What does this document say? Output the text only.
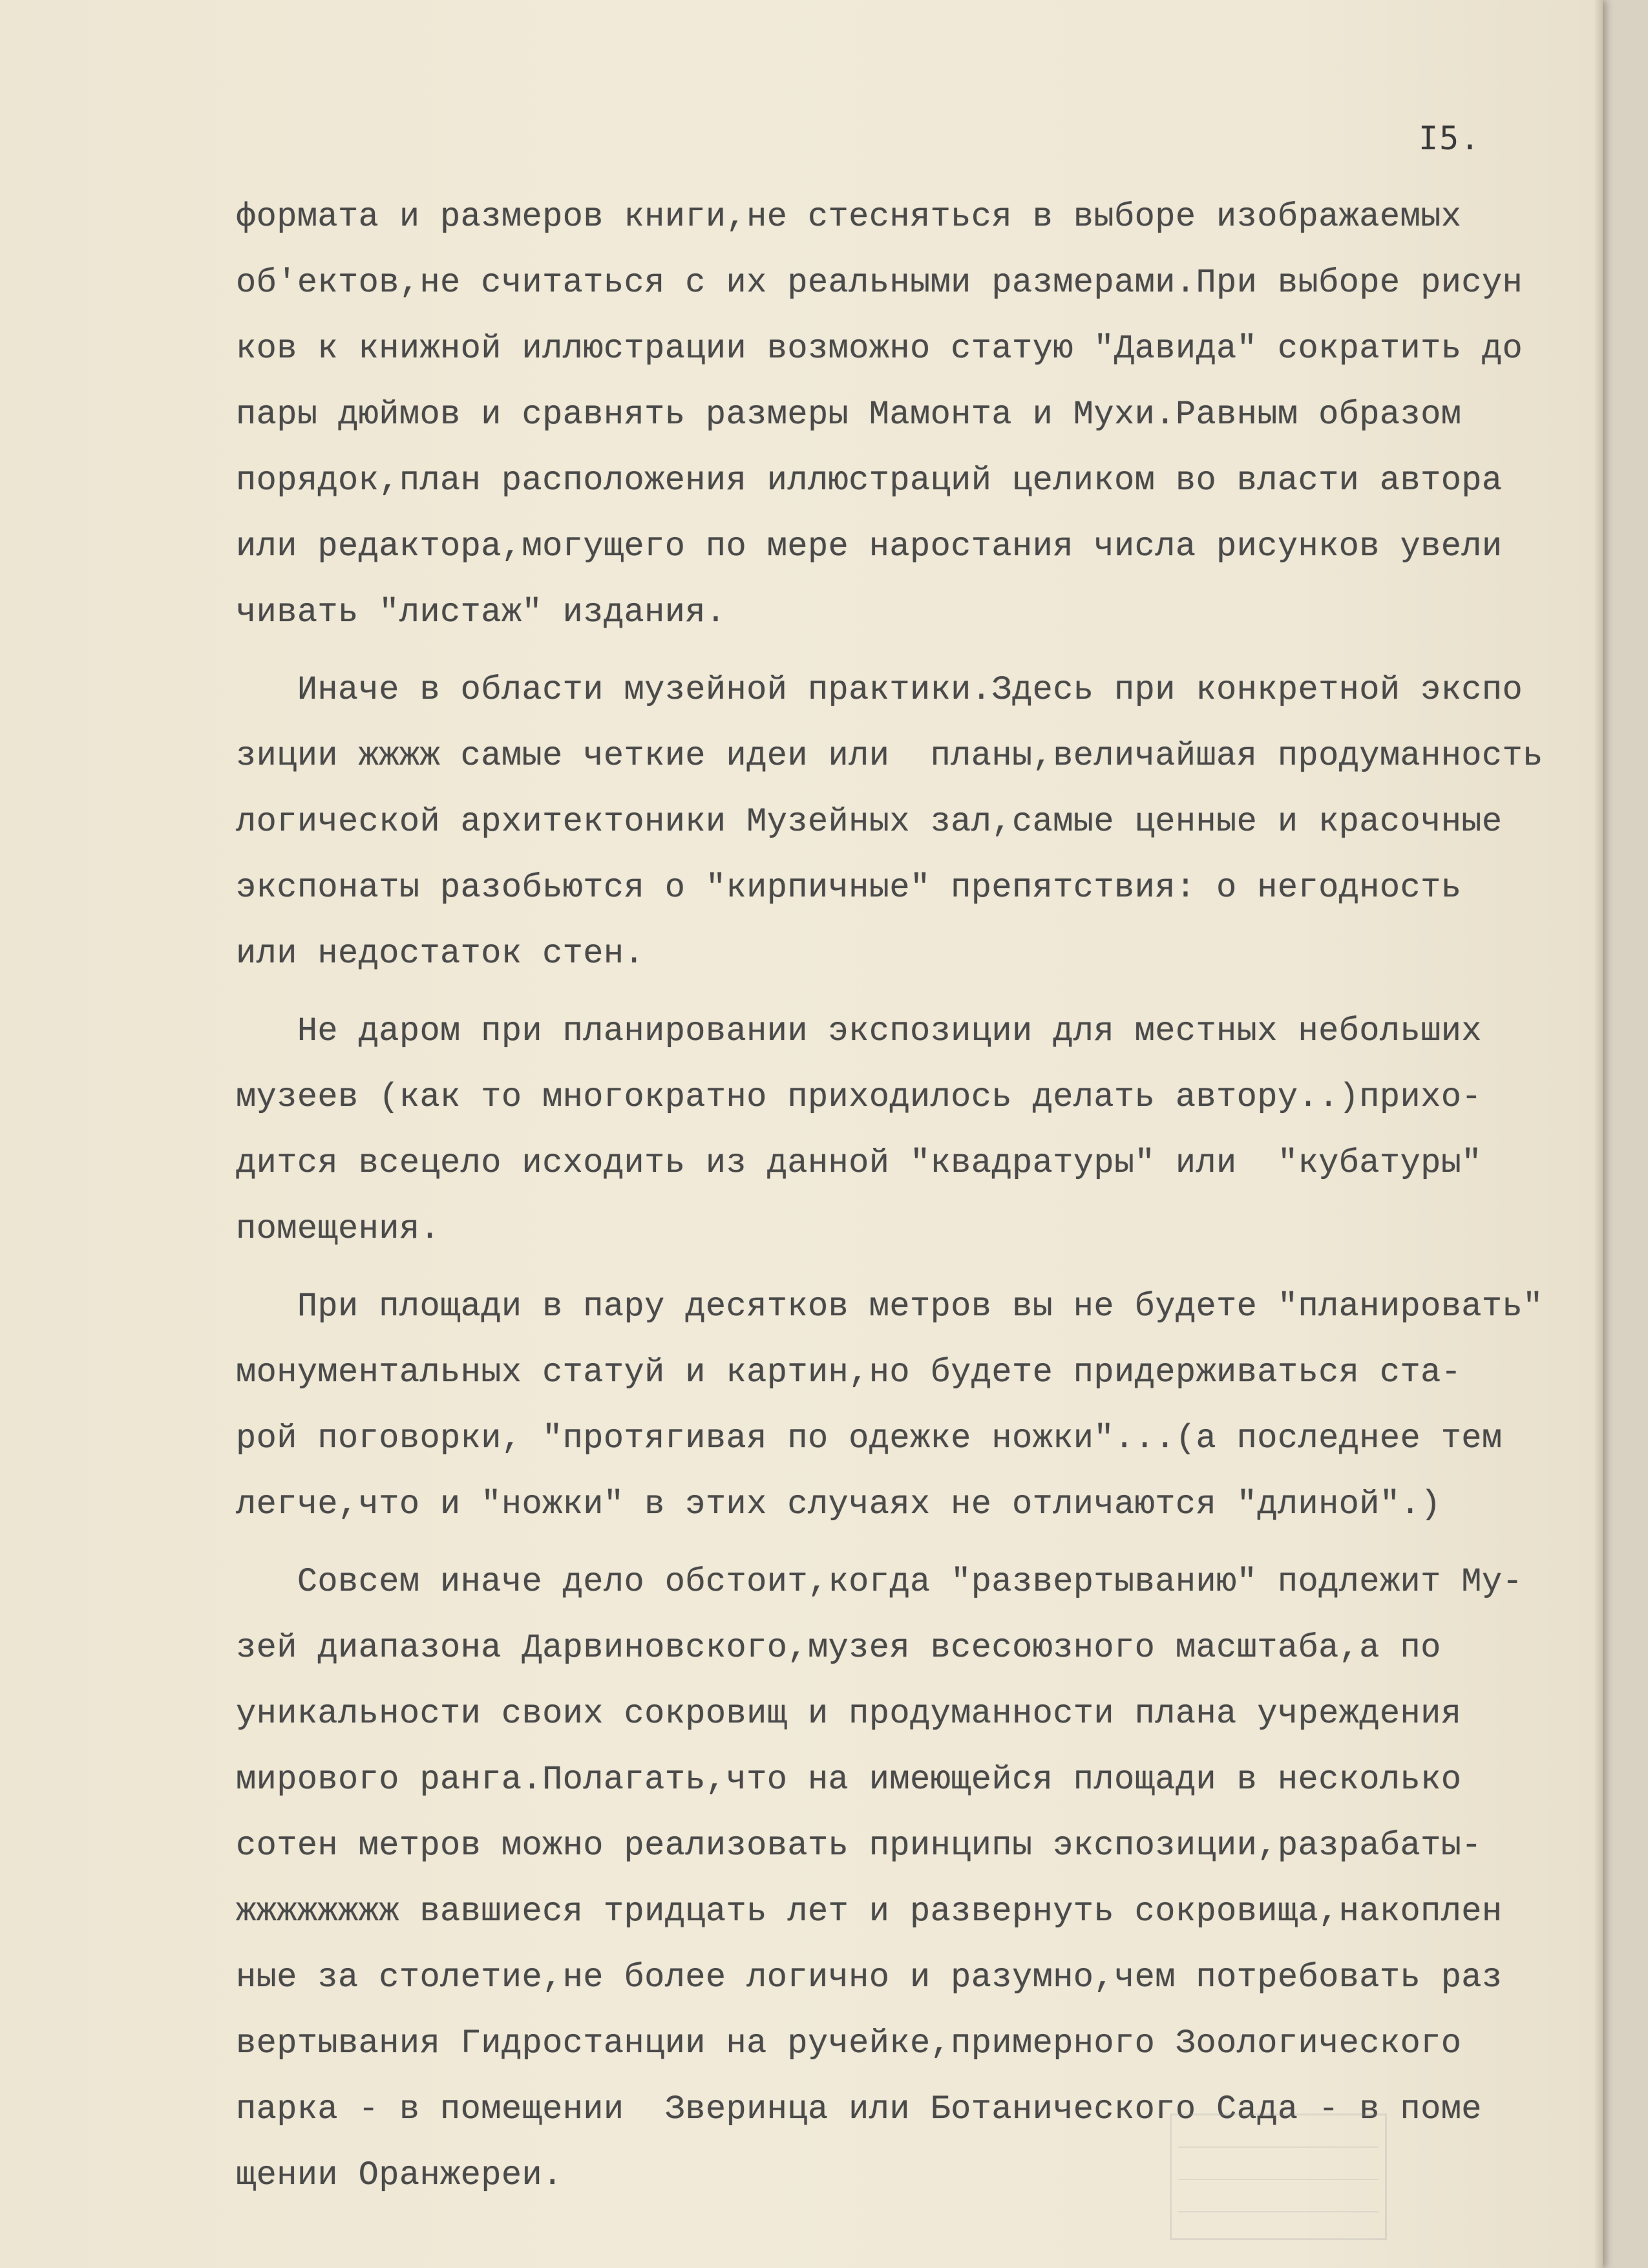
I5.
формата и размеров книги,не стесняться в выборе изображаемых
об'ектов,не считаться с их реальными размерами.При выборе рисун
ков к книжной иллюстрации возможно статую "Давида" сократить до
пары дюймов и сравнять размеры Мамонта и Мухи.Равным образом
порядок,план расположения иллюстраций целиком во власти автора
или редактора,могущего по мере наростания числа рисунков увели
чивать "листаж" издания.
Иначе в области музейной практики.Здесь при конкретной экспо
зиции жжжж самые четкие идеи или  планы,величайшая продуманность
логической архитектоники Музейных зал,самые ценные и красочные
экспонаты разобьются о "кирпичные" препятствия: о негодность
или недостаток стен.
Не даром при планировании экспозиции для местных небольших
музеев (как то многократно приходилось делать автору..)прихо-
дится всецело исходить из данной "квадратуры" или  "кубатуры"
помещения.
При площади в пару десятков метров вы не будете "планировать"
монументальных статуй и картин,но будете придерживаться ста-
рой поговорки, "протягивая по одежке ножки"...(а последнее тем
легче,что и "ножки" в этих случаях не отличаются "длиной".)
Совсем иначе дело обстоит,когда "развертыванию" подлежит Му-
зей диапазона Дарвиновского,музея всесоюзного масштаба,а по
уникальности своих сокровищ и продуманности плана учреждения
мирового ранга.Полагать,что на имеющейся площади в несколько
сотен метров можно реализовать принципы экспозиции,разрабаты-
жжжжжжжж вавшиеся тридцать лет и развернуть сокровища,накоплен
ные за столетие,не более логично и разумно,чем потребовать раз
вертывания Гидростанции на ручейке,примерного Зоологического
парка - в помещении  Зверинца или Ботанического Сада - в поме
щении Оранжереи.
